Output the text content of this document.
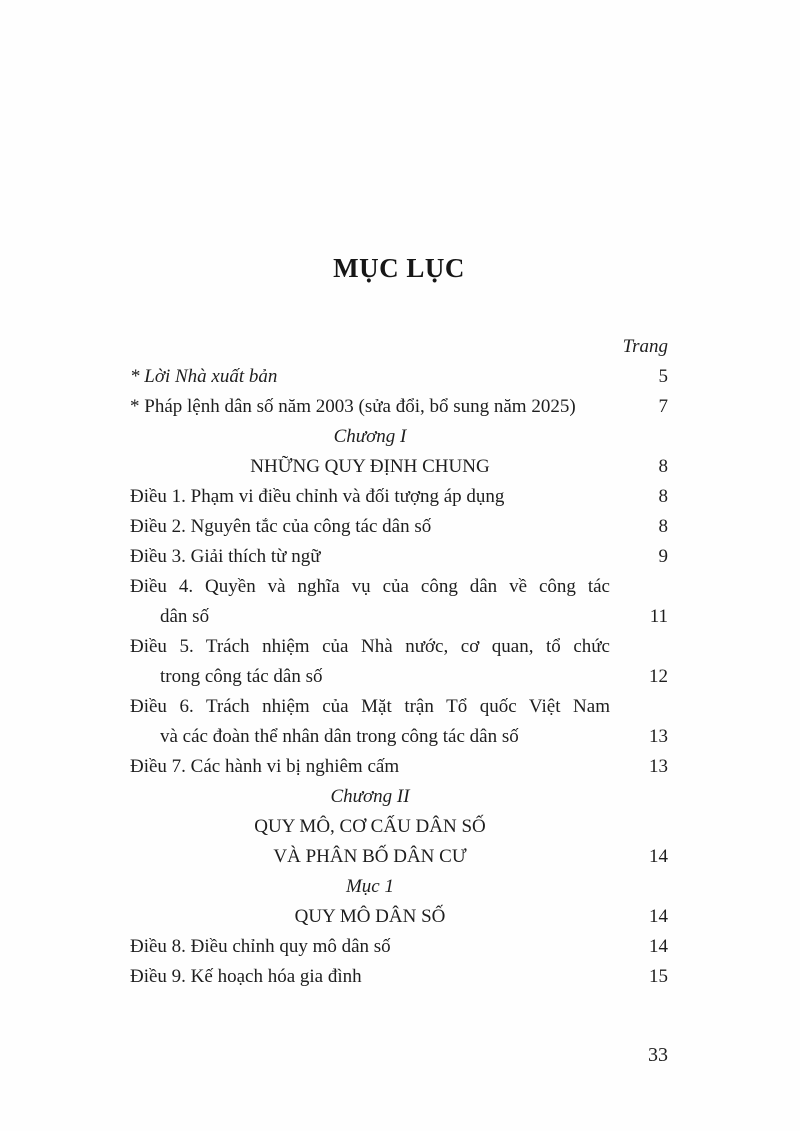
MỤC LỤC
Trang
* Lời Nhà xuất bản	5
* Pháp lệnh dân số năm 2003 (sửa đổi, bổ sung năm 2025)	7
Chương I
NHỮNG QUY ĐỊNH CHUNG	8
Điều 1. Phạm vi điều chỉnh và đối tượng áp dụng	8
Điều 2. Nguyên tắc của công tác dân số	8
Điều 3. Giải thích từ ngữ	9
Điều 4. Quyền và nghĩa vụ của công dân về công tác
dân số	11
Điều 5. Trách nhiệm của Nhà nước, cơ quan, tổ chức
trong công tác dân số	12
Điều 6. Trách nhiệm của Mặt trận Tổ quốc Việt Nam
và các đoàn thể nhân dân trong công tác dân số	13
Điều 7. Các hành vi bị nghiêm cấm	13
Chương II
QUY MÔ, CƠ CẤU DÂN SỐ
VÀ PHÂN BỐ DÂN CƯ	14
Mục 1
QUY MÔ DÂN SỐ	14
Điều 8. Điều chỉnh quy mô dân số	14
Điều 9. Kế hoạch hóa gia đình	15
33
